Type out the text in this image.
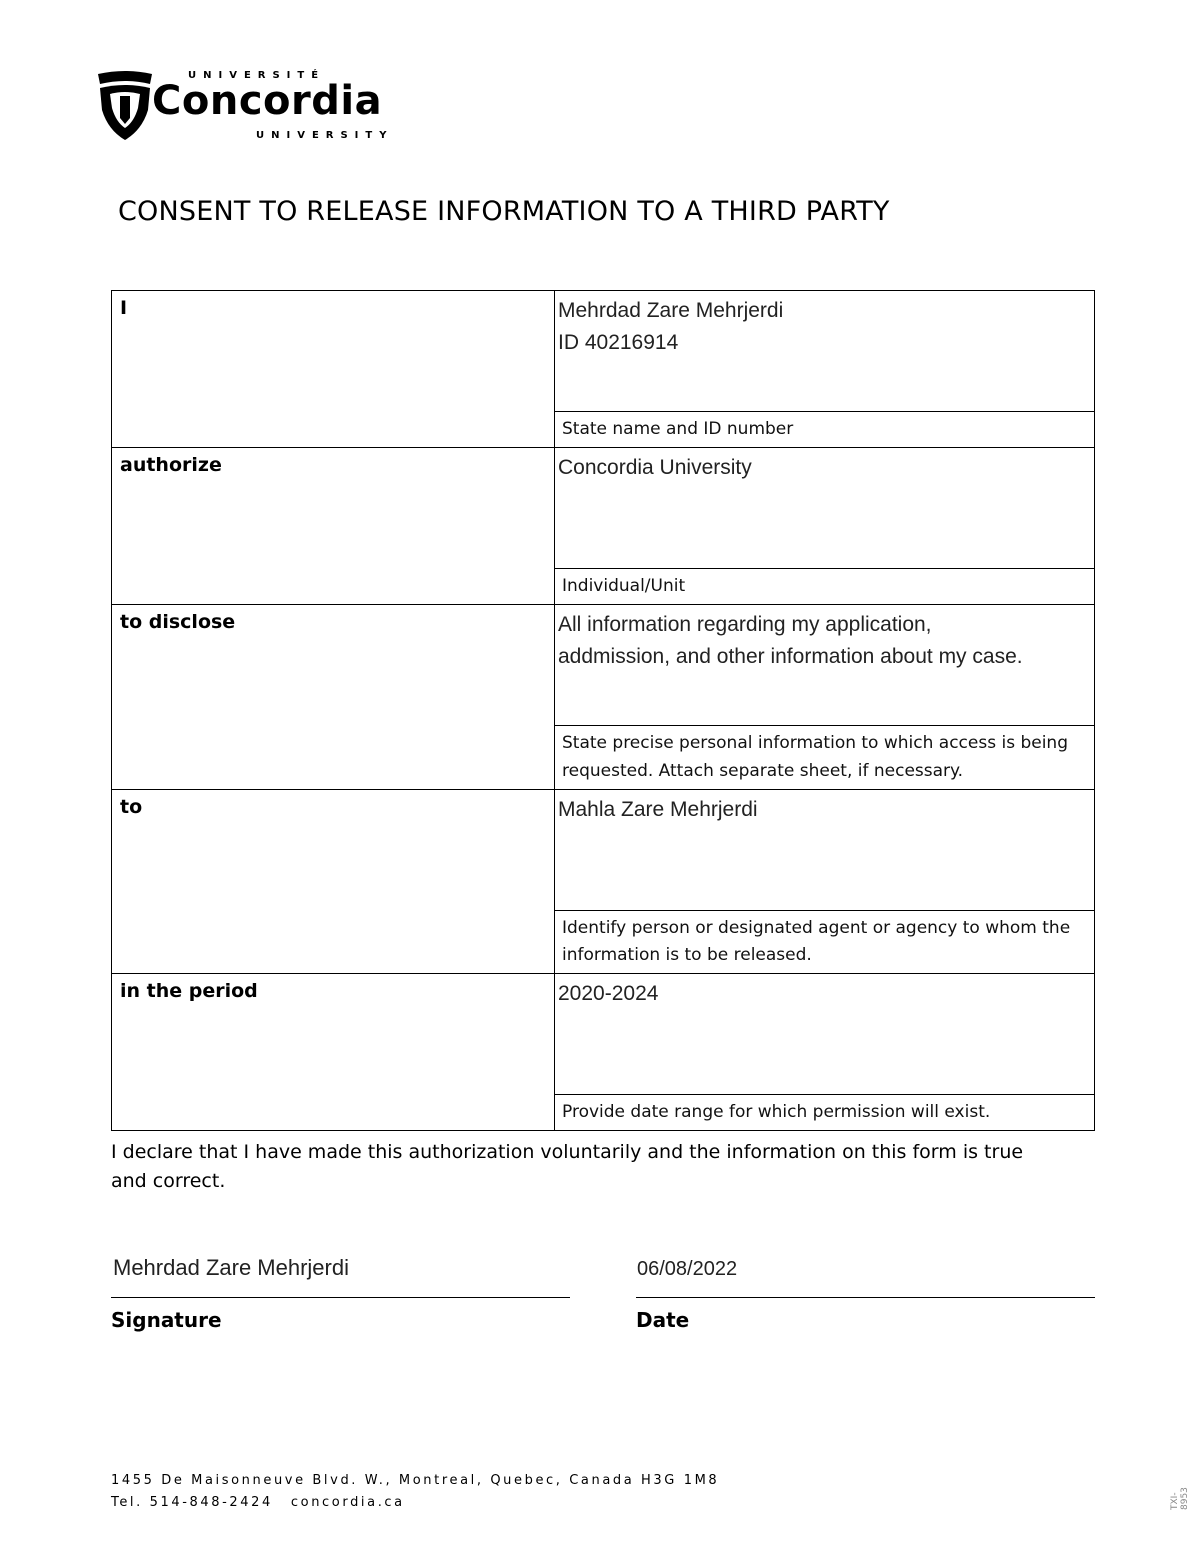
UNIVERSITÉ
Concordia
UNIVERSITY
CONSENT TO RELEASE INFORMATION TO A THIRD PARTY
I	Mehrdad Zare Mehrjerdi
ID 40216914

	State name and ID number
authorize	Concordia University

	Individual/Unit
to disclose	All information regarding my application,
addmission, and other information about my case.

	State precise personal information to which access is being requested. Attach separate sheet, if necessary.
to	Mahla Zare Mehrjerdi

	Identify person or designated agent or agency to whom the information is to be released.
in the period	2020-2024

	Provide date range for which permission will exist.
I declare that I have made this authorization voluntarily and the information on this form is true and correct.
Mehrdad Zare Mehrjerdi	06/08/2022
Signature	Date
1455 De Maisonneuve Blvd. W., Montreal, Quebec, Canada H3G 1M8
Tel. 514-848-2424 concordia.ca	TXI-8953
